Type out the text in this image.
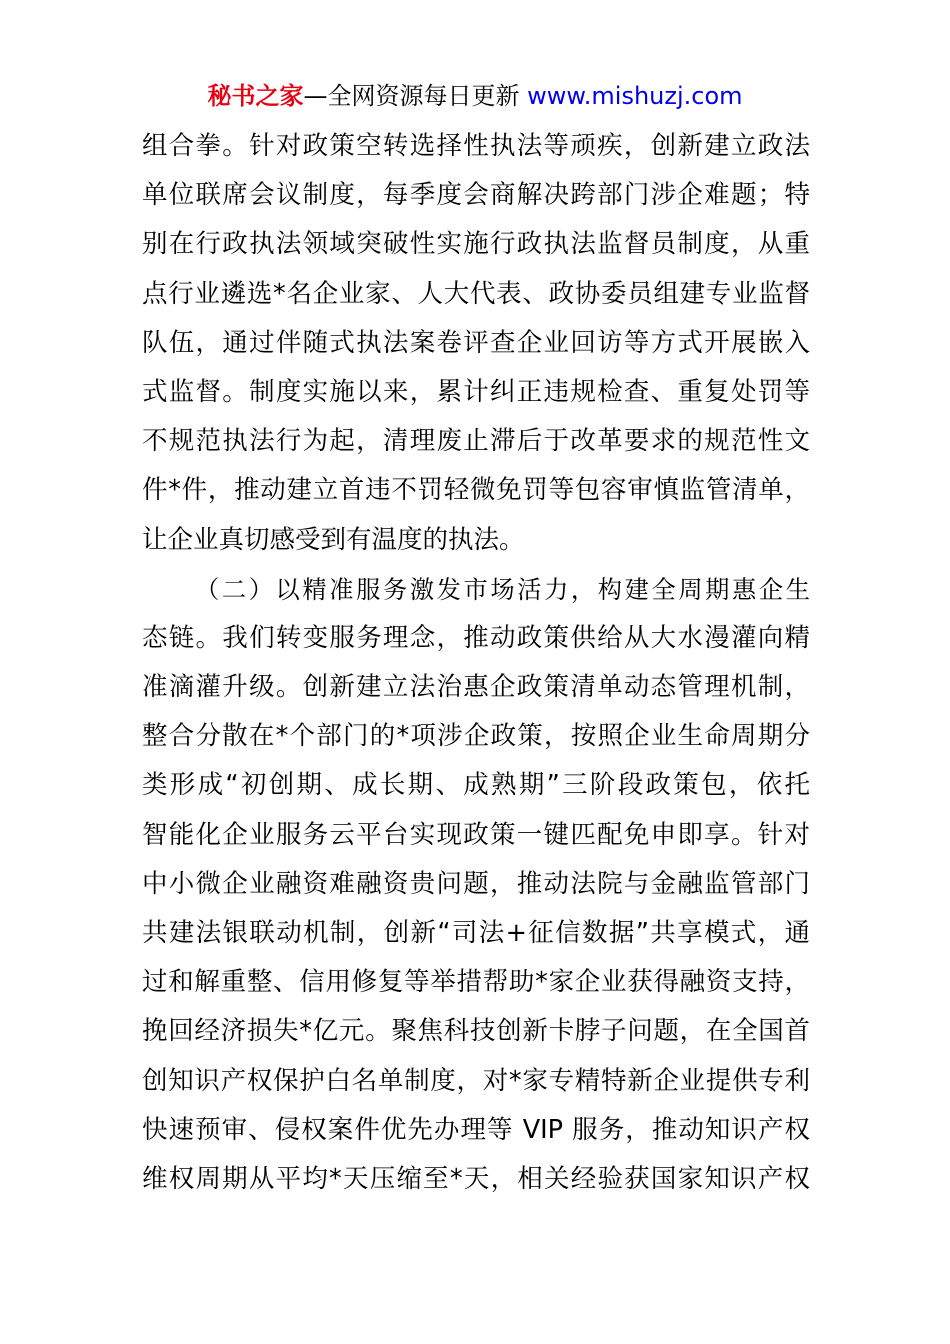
秘书之家—全网资源每日更新 www.mishuzj.com
组合拳。针对政策空转选择性执法等顽疾，创新建立政法
单位联席会议制度，每季度会商解决跨部门涉企难题；特
别在行政执法领域突破性实施行政执法监督员制度，从重
点行业遴选*名企业家、人大代表、政协委员组建专业监督
队伍，通过伴随式执法案卷评查企业回访等方式开展嵌入
式监督。制度实施以来，累计纠正违规检查、重复处罚等
不规范执法行为起，清理废止滞后于改革要求的规范性文
件*件，推动建立首违不罚轻微免罚等包容审慎监管清单，
让企业真切感受到有温度的执法。
（二）以精准服务激发市场活力，构建全周期惠企生
态链。我们转变服务理念，推动政策供给从大水漫灌向精
准滴灌升级。创新建立法治惠企政策清单动态管理机制，
整合分散在*个部门的*项涉企政策，按照企业生命周期分
类形成“初创期、成长期、成熟期”三阶段政策包，依托
智能化企业服务云平台实现政策一键匹配免申即享。针对
中小微企业融资难融资贵问题，推动法院与金融监管部门
共建法银联动机制，创新“司法+征信数据”共享模式，通
过和解重整、信用修复等举措帮助*家企业获得融资支持，
挽回经济损失*亿元。聚焦科技创新卡脖子问题，在全国首
创知识产权保护白名单制度，对*家专精特新企业提供专利
快速预审、侵权案件优先办理等 VIP 服务，推动知识产权
维权周期从平均*天压缩至*天，相关经验获国家知识产权
